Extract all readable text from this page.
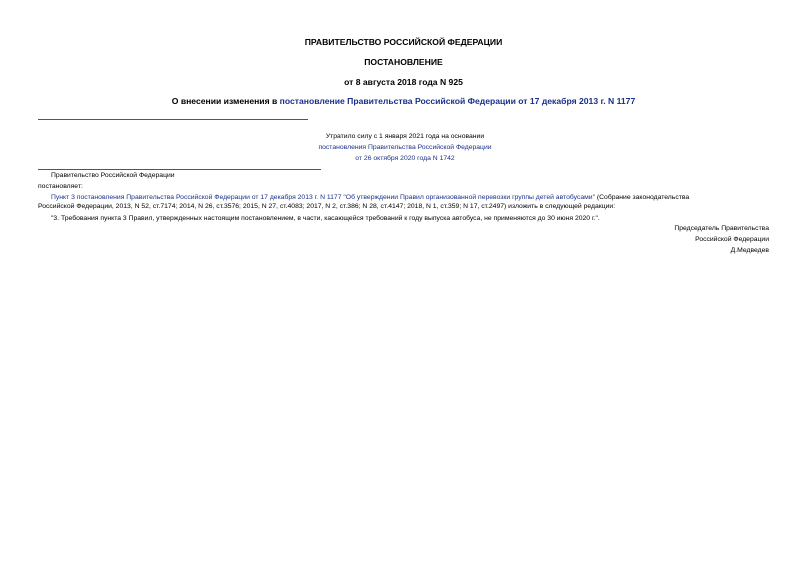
ПРАВИТЕЛЬСТВО РОССИЙСКОЙ ФЕДЕРАЦИИ
ПОСТАНОВЛЕНИЕ
от 8 августа 2018 года N 925
О внесении изменения в постановление Правительства Российской Федерации от 17 декабря 2013 г. N 1177
Утратило силу с 1 января 2021 года на основании
постановления Правительства Российской Федерации
от 26 октября 2020 года N 1742
Правительство Российской Федерации
постановляет:
Пункт 3 постановления Правительства Российской Федерации от 17 декабря 2013 г. N 1177 "Об утверждении Правил организованной перевозки группы детей автобусами" (Собрание законодательства
Российской Федерации, 2013, N 52, ст.7174; 2014, N 26, ст.3576; 2015, N 27, ст.4083; 2017, N 2, ст.386; N 28, ст.4147; 2018, N 1, ст.359; N 17, ст.2497) изложить в следующей редакции:
"3. Требования пункта 3 Правил, утвержденных настоящим постановлением, в части, касающейся требований к году выпуска автобуса, не применяются до 30 июня 2020 г.".
Председатель Правительства
Российской Федерации
Д.Медведев
